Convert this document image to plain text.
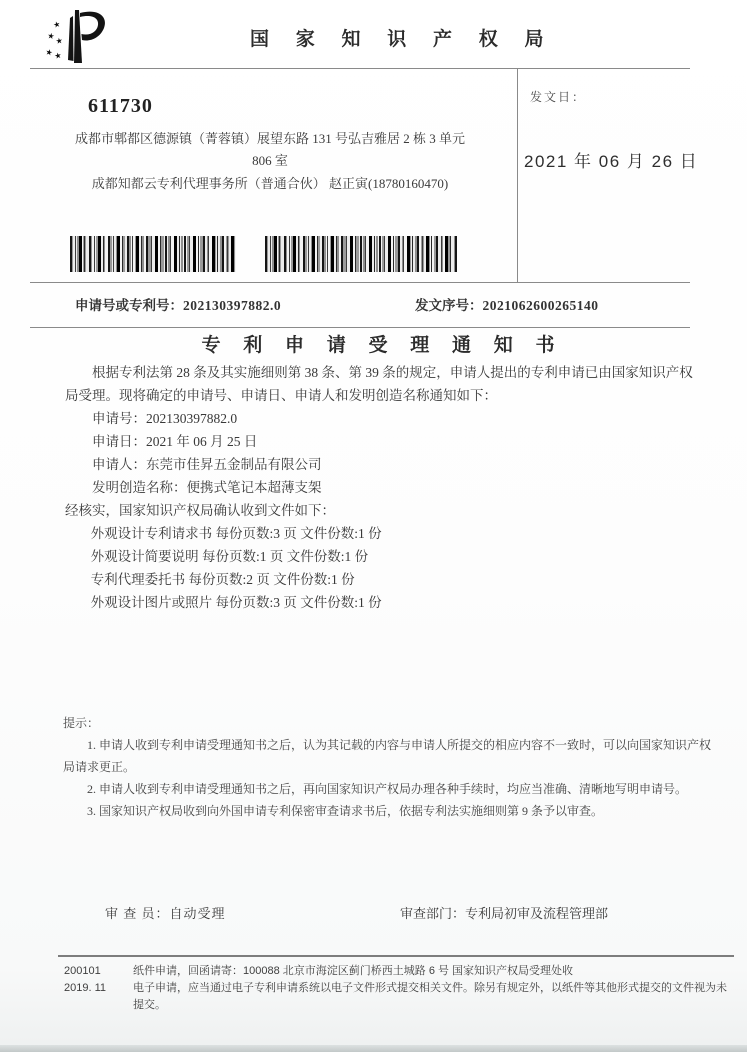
★
★ ★
★ ★
国 家 知 识 产 权 局
发文日：
2021 年 06 月 26 日
611730
成都市郫都区德源镇（菁蓉镇）展望东路 131 号弘吉雅居 2 栋 3 单元
806 室
成都知都云专利代理事务所（普通合伙） 赵正寅(18780160470)
申请号或专利号：202130397882.0	发文序号：2021062600265140
专 利 申 请 受 理 通 知 书

根据专利法第 28 条及其实施细则第 38 条、第 39 条的规定，申请人提出的专利申请已由国家知识产权局受理。现将确定的申请号、申请日、申请人和发明创造名称通知如下：

申请号：202130397882.0
申请日：2021 年 06 月 25 日
申请人：东莞市佳昇五金制品有限公司
发明创造名称：便携式笔记本超薄支架

经核实，国家知识产权局确认收到文件如下：

外观设计专利请求书 每份页数:3 页 文件份数:1 份
外观设计简要说明 每份页数:1 页 文件份数:1 份
专利代理委托书 每份页数:2 页 文件份数:1 份
外观设计图片或照片 每份页数:3 页 文件份数:1 份

提示：

1. 申请人收到专利申请受理通知书之后，认为其记载的内容与申请人所提交的相应内容不一致时，可以向国家知识产权局请求更正。

2. 申请人收到专利申请受理通知书之后，再向国家知识产权局办理各种手续时，均应当准确、清晰地写明申请号。

3. 国家知识产权局收到向外国申请专利保密审查请求书后，依据专利法实施细则第 9 条予以审查。

审 查 员：自动受理	审查部门：专利局初审及流程管理部
200101
2019. 11

纸件申请，回函请寄：100088 北京市海淀区蓟门桥西土城路 6 号 国家知识产权局受理处收

电子申请，应当通过电子专利申请系统以电子文件形式提交相关文件。除另有规定外，以纸件等其他形式提交的文件视为未提交。
